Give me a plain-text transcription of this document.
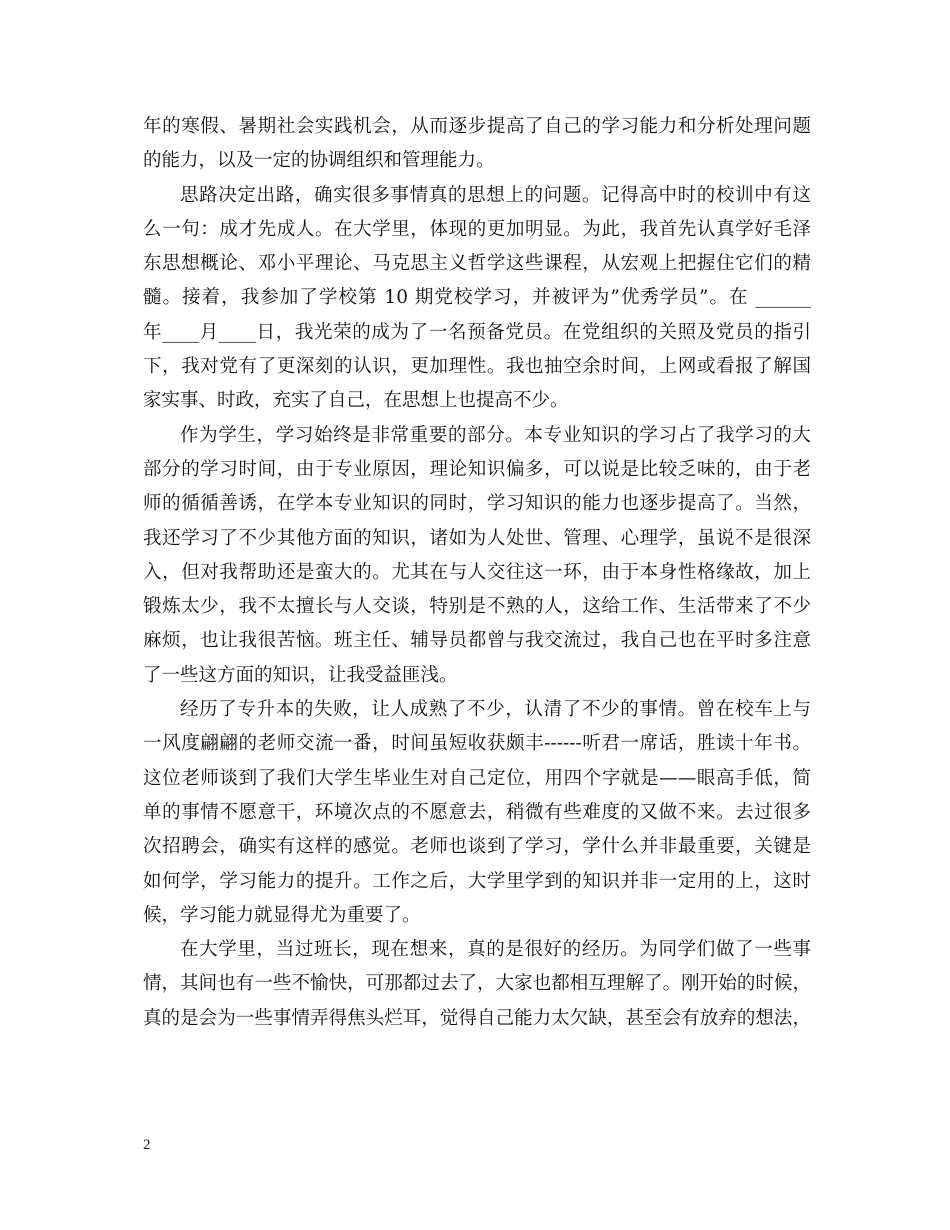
年的寒假、暑期社会实践机会，从而逐步提高了自己的学习能力和分析处理问题
的能力，以及一定的协调组织和管理能力。
思路决定出路，确实很多事情真的思想上的问题。记得高中时的校训中有这
么一句：成才先成人。在大学里，体现的更加明显。为此，我首先认真学好毛泽
东思想概论、邓小平理论、马克思主义哲学这些课程，从宏观上把握住它们的精
髓。接着，我参加了学校第 10 期党校学习，并被评为”优秀学员”。在 ______
年____月____日，我光荣的成为了一名预备党员。在党组织的关照及党员的指引
下，我对党有了更深刻的认识，更加理性。我也抽空余时间，上网或看报了解国
家实事、时政，充实了自己，在思想上也提高不少。
作为学生，学习始终是非常重要的部分。本专业知识的学习占了我学习的大
部分的学习时间，由于专业原因，理论知识偏多，可以说是比较乏味的，由于老
师的循循善诱，在学本专业知识的同时，学习知识的能力也逐步提高了。当然，
我还学习了不少其他方面的知识，诸如为人处世、管理、心理学，虽说不是很深
入，但对我帮助还是蛮大的。尤其在与人交往这一环，由于本身性格缘故，加上
锻炼太少，我不太擅长与人交谈，特别是不熟的人，这给工作、生活带来了不少
麻烦，也让我很苦恼。班主任、辅导员都曾与我交流过，我自己也在平时多注意
了一些这方面的知识，让我受益匪浅。
经历了专升本的失败，让人成熟了不少，认清了不少的事情。曾在校车上与
一风度翩翩的老师交流一番，时间虽短收获颇丰------听君一席话，胜读十年书。
这位老师谈到了我们大学生毕业生对自己定位，用四个字就是——眼高手低，简
单的事情不愿意干，环境次点的不愿意去，稍微有些难度的又做不来。去过很多
次招聘会，确实有这样的感觉。老师也谈到了学习，学什么并非最重要，关键是
如何学，学习能力的提升。工作之后，大学里学到的知识并非一定用的上，这时
候，学习能力就显得尤为重要了。
在大学里，当过班长，现在想来，真的是很好的经历。为同学们做了一些事
情，其间也有一些不愉快，可那都过去了，大家也都相互理解了。刚开始的时候，
真的是会为一些事情弄得焦头烂耳，觉得自己能力太欠缺，甚至会有放弃的想法，
2
